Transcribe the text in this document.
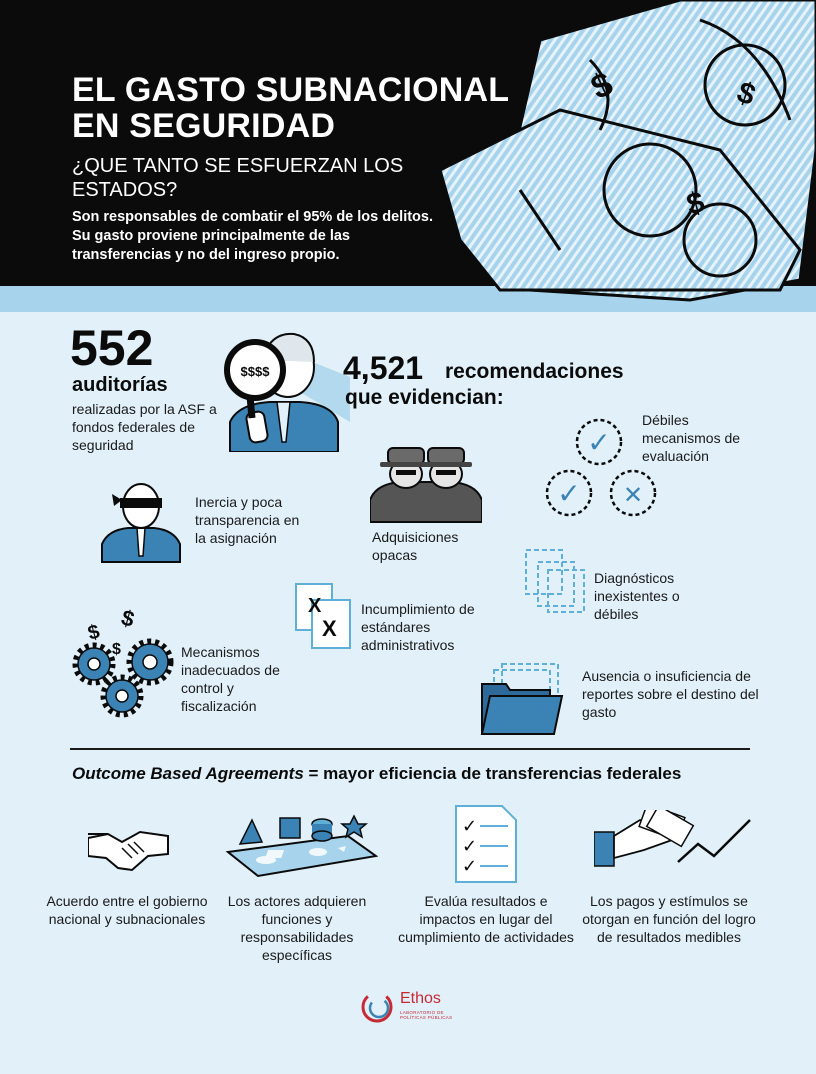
$	$
$
EL GASTO SUBNACIONAL EN SEGURIDAD
¿QUE TANTO SE ESFUERZAN LOS ESTADOS?
Son responsables de combatir el 95% de los delitos. Su gasto proviene principalmente de las transferencias y no del ingreso propio.
552
auditorías
realizadas por la ASF a fondos federales de seguridad
$$$$ 4,521 recomendaciones
que evidencian:
✓
✓ ✕
Débiles mecanismos de evaluación
Inercia y poca transparencia en la asignación	Adquisiciones opacas
Diagnósticos inexistentes o débiles
X
X
Incumplimiento de estándares administrativos
$
$
$	Mecanismos inadecuados de control y fiscalización
Ausencia o insuficiencia de reportes sobre el destino del gasto
Outcome Based Agreements = mayor eficiencia de transferencias federales
✓
✓
✓
Acuerdo entre el gobierno nacional y subnacionales
Los actores adquieren funciones y responsabilidades específicas
Evalúa resultados e impactos en lugar del cumplimiento de actividades
Los pagos y estímulos se otorgan en función del logro de resultados medibles
Ethos
LABORATORIO DE
POLÍTICAS PÚBLICAS
